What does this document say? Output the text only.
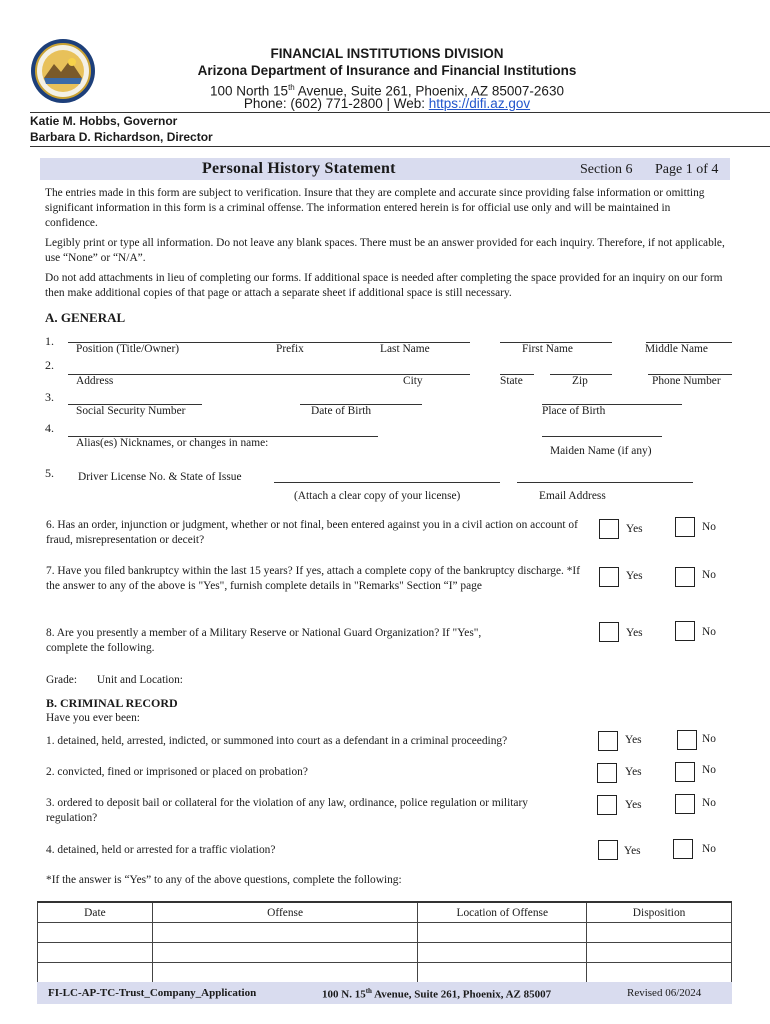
FINANCIAL INSTITUTIONS DIVISION
Arizona Department of Insurance and Financial Institutions
100 North 15th Avenue, Suite 261, Phoenix, AZ 85007-2630
Phone: (602) 771-2800 | Web: https://difi.az.gov
Katie M. Hobbs, Governor
Barbara D. Richardson, Director
Personal History Statement	Section 6 Page 1 of 4
The entries made in this form are subject to verification. Insure that they are complete and accurate since providing false information or omitting significant information in this form is a criminal offense. The information entered herein is for official use only and will be maintained in confidence.
Legibly print or type all information. Do not leave any blank spaces. There must be an answer provided for each inquiry. Therefore, if not applicable, use “None” or “N/A”.
Do not add attachments in lieu of completing our forms. If additional space is needed after completing the space provided for an inquiry on our form then make additional copies of that page or attach a separate sheet if additional space is still necessary.
A. GENERAL
1.
Position (Title/Owner)	Prefix	Last Name	First Name	Middle Name
2.
Address	City	State	Zip	Phone Number
3.
Social Security Number	Date of Birth	Place of Birth
4.
Alias(es) Nicknames, or changes in name:
Maiden Name (if any)
5. Driver License No. & State of Issue
(Attach a clear copy of your license)	Email Address
6. Has an order, injunction or judgment, whether or not final, been entered against you in a civil action on account of fraud, misrepresentation or deceit?
Yes	No
7. Have you filed bankruptcy within the last 15 years? If yes, attach a complete copy of the bankruptcy discharge. *If the answer to any of the above is "Yes", furnish complete details in "Remarks" Section “I” page
Yes	No
8. Are you presently a member of a Military Reserve or National Guard Organization? If "Yes", complete the following.
Yes	No
Grade:       Unit and Location:
B. CRIMINAL RECORD
Have you ever been:
1. detained, held, arrested, indicted, or summoned into court as a defendant in a criminal proceeding?	Yes	No
2. convicted, fined or imprisoned or placed on probation?	Yes	No
3. ordered to deposit bail or collateral for the violation of any law, ordinance, police regulation or military regulation?
Yes	No
4. detained, held or arrested for a traffic violation?	Yes	No
*If the answer is “Yes” to any of the above questions, complete the following:
Date	Offense	Location of Offense	Disposition

FI-LC-AP-TC-Trust_Company_Application	100 N. 15th Avenue, Suite 261, Phoenix, AZ 85007	Revised 06/2024
